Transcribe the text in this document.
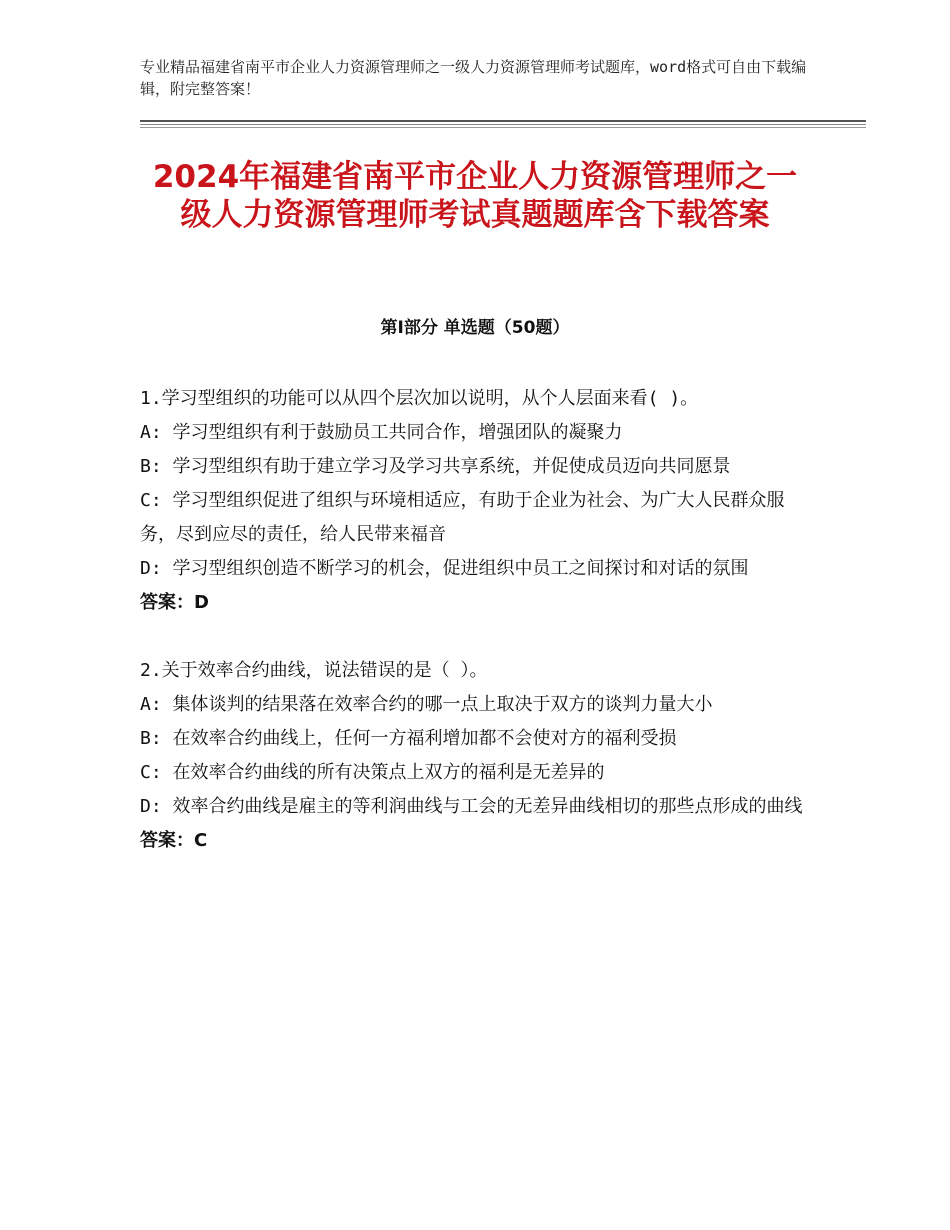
专业精品福建省南平市企业人力资源管理师之一级人力资源管理师考试题库，word格式可自由下载编辑，附完整答案！
2024年福建省南平市企业人力资源管理师之一级人力资源管理师考试真题题库含下载答案
第Ⅰ部分 单选题（50题）
1.学习型组织的功能可以从四个层次加以说明，从个人层面来看( )。
A: 学习型组织有利于鼓励员工共同合作，增强团队的凝聚力
B: 学习型组织有助于建立学习及学习共享系统，并促使成员迈向共同愿景
C: 学习型组织促进了组织与环境相适应，有助于企业为社会、为广大人民群众服务，尽到应尽的责任，给人民带来福音
D: 学习型组织创造不断学习的机会，促进组织中员工之间探讨和对话的氛围
答案：D
2.关于效率合约曲线，说法错误的是（ ）。
A: 集体谈判的结果落在效率合约的哪一点上取决于双方的谈判力量大小
B: 在效率合约曲线上，任何一方福利增加都不会使对方的福利受损
C: 在效率合约曲线的所有决策点上双方的福利是无差异的
D: 效率合约曲线是雇主的等利润曲线与工会的无差异曲线相切的那些点形成的曲线
答案：C
